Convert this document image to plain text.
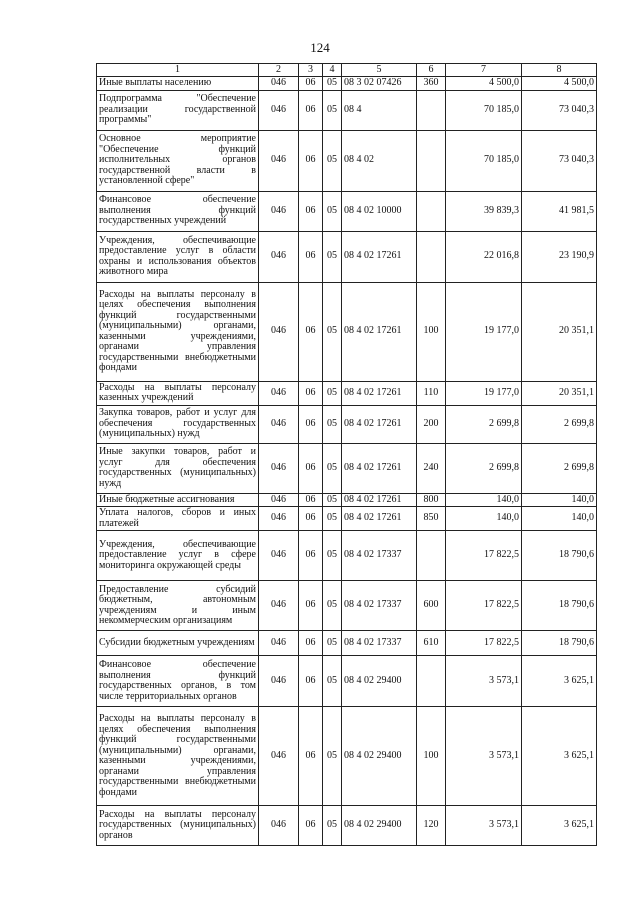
124
1	2	3	4	5	6	7	8
Иные выплаты населению	046	06	05	08 3 02 07426	360	4 500,0	4 500,0
Подпрограмма "Обеспечение реализации государственной программы"	046	06	05	08 4		70 185,0	73 040,3
Основное мероприятие "Обеспечение функций исполнительных органов государственной власти в установленной сфере"	046	06	05	08 4 02		70 185,0	73 040,3
Финансовое обеспечение выполнения функций государственных учреждений	046	06	05	08 4 02 10000		39 839,3	41 981,5
Учреждения, обеспечивающие предоставление услуг в области охраны и использования объектов животного мира	046	06	05	08 4 02 17261		22 016,8	23 190,9
Расходы на выплаты персоналу в целях обеспечения выполнения функций государственными (муниципальными) органами, казенными учреждениями, органами управления государственными внебюджетными фондами	046	06	05	08 4 02 17261	100	19 177,0	20 351,1
Расходы на выплаты персоналу казенных учреждений	046	06	05	08 4 02 17261	110	19 177,0	20 351,1
Закупка товаров, работ и услуг для обеспечения государственных (муниципальных) нужд	046	06	05	08 4 02 17261	200	2 699,8	2 699,8
Иные закупки товаров, работ и услуг для обеспечения государственных (муниципальных) нужд	046	06	05	08 4 02 17261	240	2 699,8	2 699,8
Иные бюджетные ассигнования	046	06	05	08 4 02 17261	800	140,0	140,0
Уплата налогов, сборов и иных платежей	046	06	05	08 4 02 17261	850	140,0	140,0
Учреждения, обеспечивающие предоставление услуг в сфере мониторинга окружающей среды	046	06	05	08 4 02 17337		17 822,5	18 790,6
Предоставление субсидий бюджетным, автономным учреждениям и иным некоммерческим организациям	046	06	05	08 4 02 17337	600	17 822,5	18 790,6
Субсидии бюджетным учреждениям	046	06	05	08 4 02 17337	610	17 822,5	18 790,6
Финансовое обеспечение выполнения функций государственных органов, в том числе территориальных органов	046	06	05	08 4 02 29400		3 573,1	3 625,1
Расходы на выплаты персоналу в целях обеспечения выполнения функций государственными (муниципальными) органами, казенными учреждениями, органами управления государственными внебюджетными фондами	046	06	05	08 4 02 29400	100	3 573,1	3 625,1
Расходы на выплаты персоналу государственных (муниципальных) органов	046	06	05	08 4 02 29400	120	3 573,1	3 625,1
